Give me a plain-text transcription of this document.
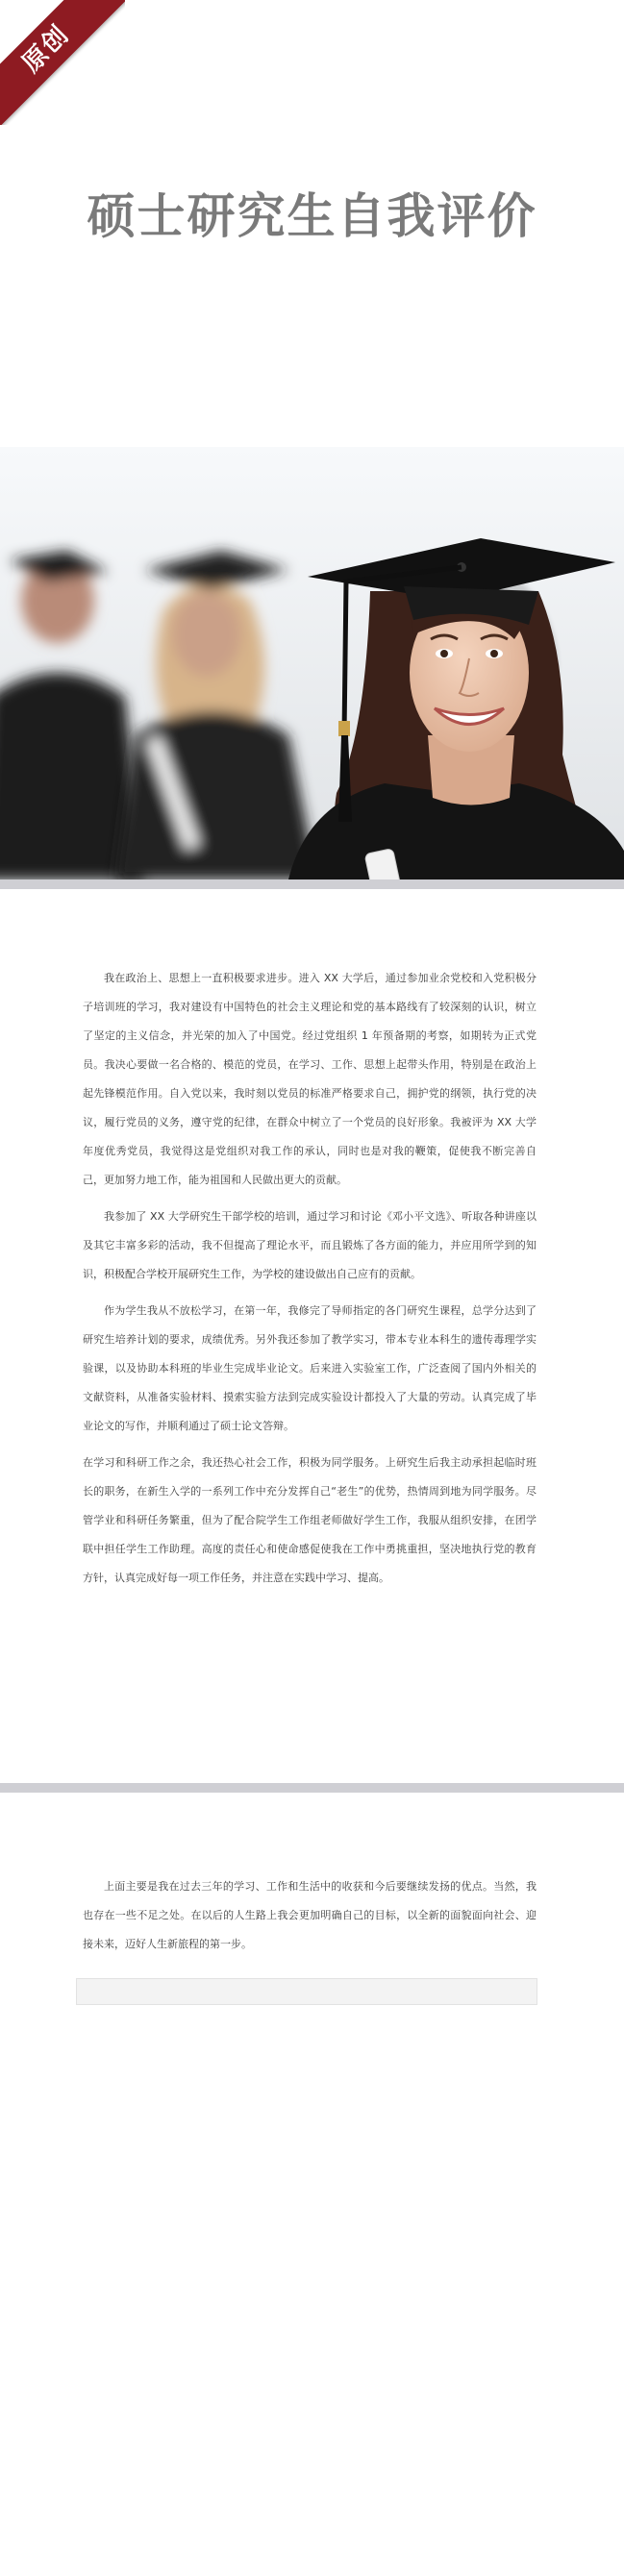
原创
硕士研究生自我评价

我在政治上、思想上一直积极要求进步。进入 XX 大学后，通过参加业余党校和入党积极分子培训班的学习，我对建设有中国特色的社会主义理论和党的基本路线有了较深刻的认识，树立了坚定的主义信念，并光荣的加入了中国党。经过党组织 1 年预备期的考察，如期转为正式党员。我决心要做一名合格的、模范的党员，在学习、工作、思想上起带头作用，特别是在政治上起先锋模范作用。自入党以来，我时刻以党员的标准严格要求自己，拥护党的纲领，执行党的决议，履行党员的义务，遵守党的纪律，在群众中树立了一个党员的良好形象。我被评为 XX 大学年度优秀党员，我觉得这是党组织对我工作的承认，同时也是对我的鞭策，促使我不断完善自己，更加努力地工作，能为祖国和人民做出更大的贡献。

我参加了 XX 大学研究生干部学校的培训，通过学习和讨论《邓小平文选》、听取各种讲座以及其它丰富多彩的活动，我不但提高了理论水平，而且锻炼了各方面的能力，并应用所学到的知识，积极配合学校开展研究生工作，为学校的建设做出自己应有的贡献。

作为学生我从不放松学习，在第一年，我修完了导师指定的各门研究生课程，总学分达到了研究生培养计划的要求，成绩优秀。另外我还参加了教学实习，带本专业本科生的遗传毒理学实验课，以及协助本科班的毕业生完成毕业论文。后来进入实验室工作，广泛查阅了国内外相关的文献资料，从准备实验材料、摸索实验方法到完成实验设计都投入了大量的劳动。认真完成了毕业论文的写作，并顺利通过了硕士论文答辩。

在学习和科研工作之余，我还热心社会工作，积极为同学服务。上研究生后我主动承担起临时班长的职务，在新生入学的一系列工作中充分发挥自己“老生”的优势，热情周到地为同学服务。尽管学业和科研任务繁重，但为了配合院学生工作组老师做好学生工作，我服从组织安排，在团学联中担任学生工作助理。高度的责任心和使命感促使我在工作中勇挑重担，坚决地执行党的教育方针，认真完成好每一项工作任务，并注意在实践中学习、提高。

上面主要是我在过去三年的学习、工作和生活中的收获和今后要继续发扬的优点。当然，我也存在一些不足之处。在以后的人生路上我会更加明确自己的目标，以全新的面貌面向社会、迎接未来，迈好人生新旅程的第一步。
